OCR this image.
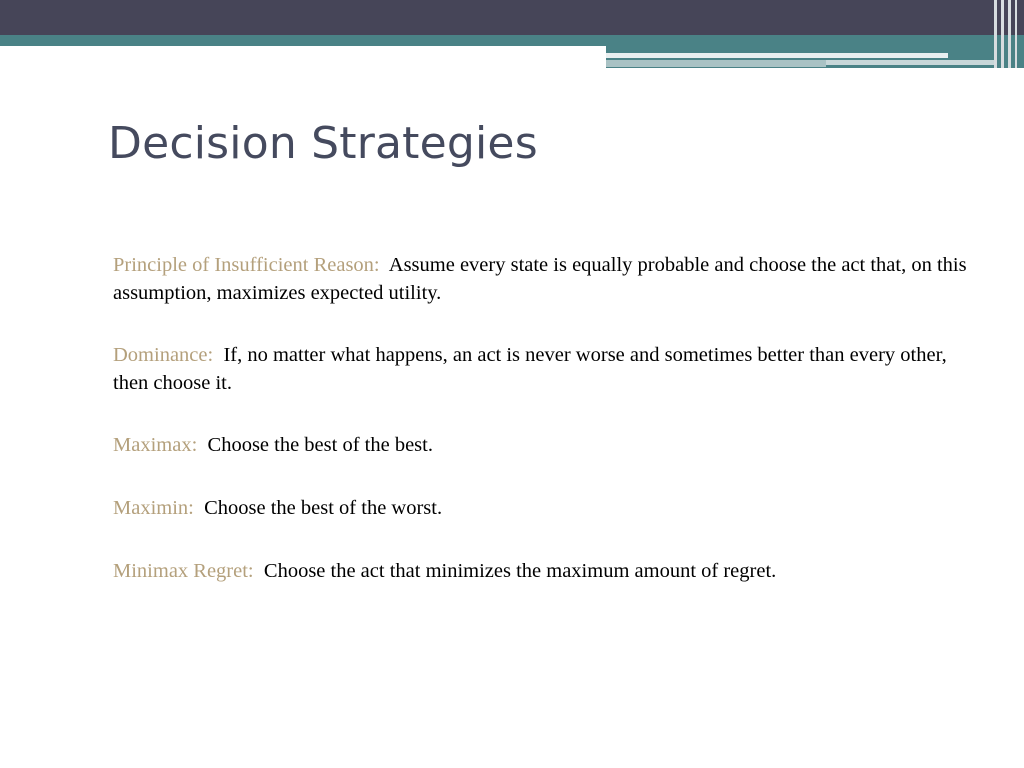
Decision Strategies

Principle of Insufficient Reason: Assume every state is equally probable and choose the act that, on this assumption, maximizes expected utility.

Dominance: If, no matter what happens, an act is never worse and sometimes better than every other, then choose it.

Maximax: Choose the best of the best.

Maximin: Choose the best of the worst.

Minimax Regret: Choose the act that minimizes the maximum amount of regret.
